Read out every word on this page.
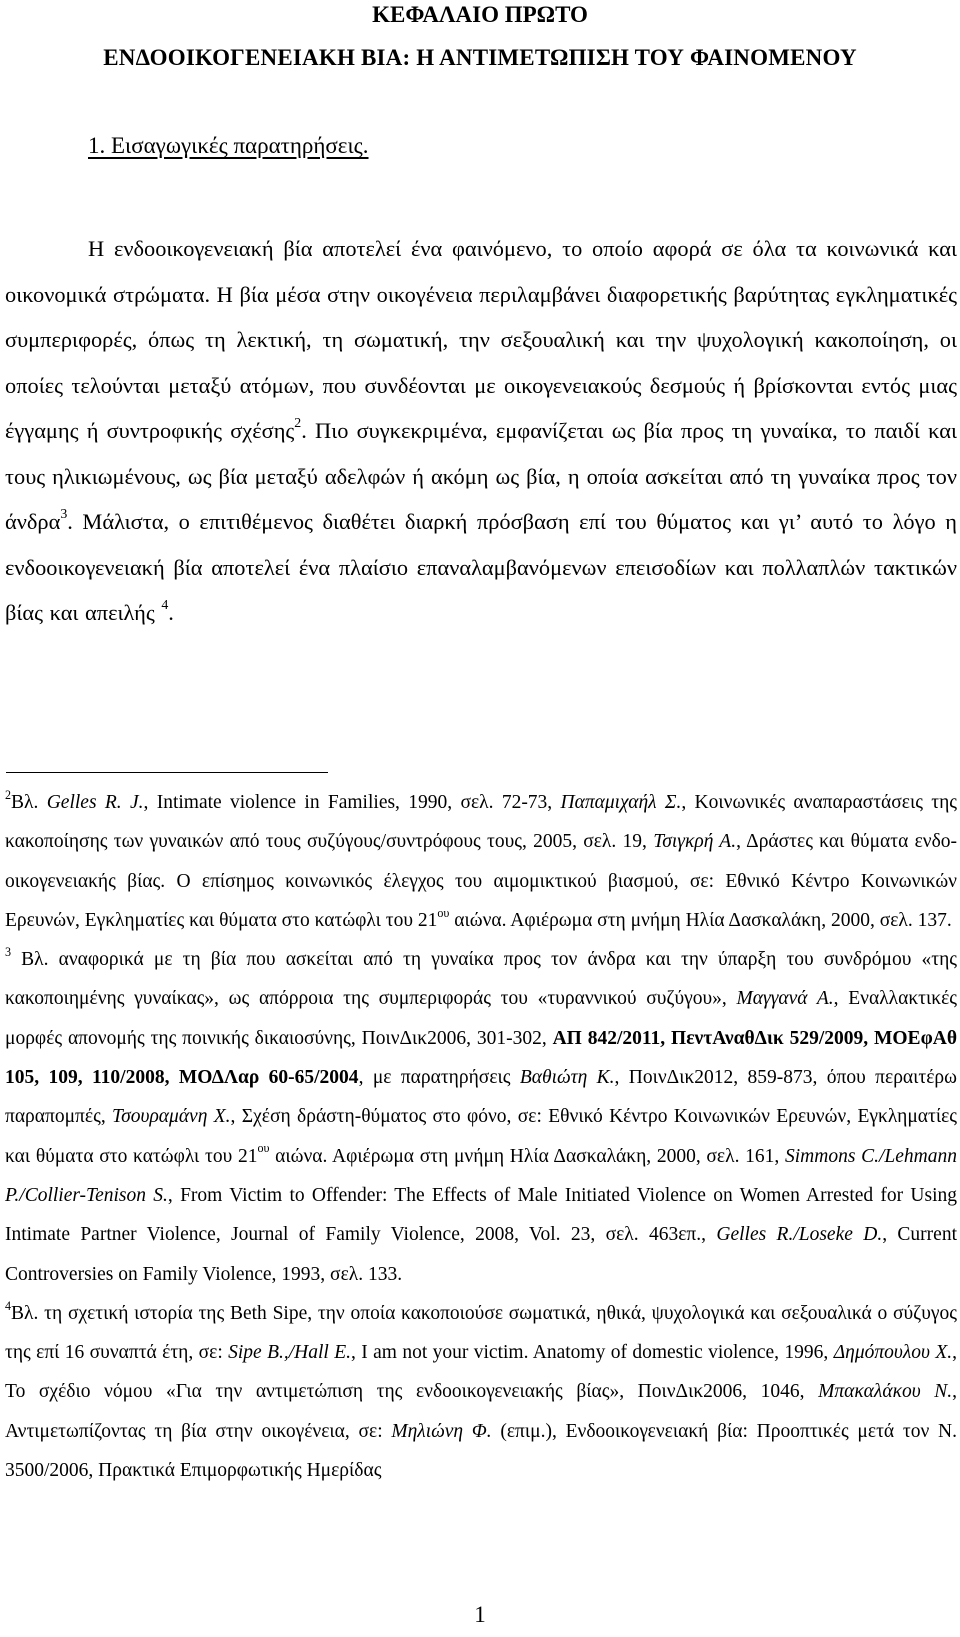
ΚΕΦΑΛΑΙΟ ΠΡΩΤΟ
ΕΝΔΟΟΙΚΟΓΕΝΕΙΑΚΗ ΒΙΑ: Η ΑΝΤΙΜΕΤΩΠΙΣΗ ΤΟΥ ΦΑΙΝΟΜΕΝΟΥ
1. Εισαγωγικές παρατηρήσεις.

Η ενδοοικογενειακή βία αποτελεί ένα φαινόμενο, το οποίο αφορά σε όλα τα κοινωνικά και οικονομικά στρώματα. Η βία μέσα στην οικογένεια περιλαμβάνει διαφορετικής βαρύτητας εγκληματικές συμπεριφορές, όπως τη λεκτική, τη σωματική, την σεξουαλική και την ψυχολογική κακοποίηση, οι οποίες τελούνται μεταξύ ατόμων, που συνδέονται με οικογενειακούς δεσμούς ή βρίσκονται εντός μιας έγγαμης ή συντροφικής σχέσης$^2$. Πιο συγκεκριμένα, εμφανίζεται ως βία προς τη γυναίκα, το παιδί και τους ηλικιωμένους, ως βία μεταξύ αδελφών ή ακόμη ως βία, η οποία ασκείται από τη γυναίκα προς τον άνδρα$^3$. Μάλιστα, ο επιτιθέμενος διαθέτει διαρκή πρόσβαση επί του θύματος και γι’ αυτό το λόγο η ενδοοικογενειακή βία αποτελεί ένα πλαίσιο επαναλαμβανόμενων επεισοδίων και πολλαπλών τακτικών βίας και απειλής $^4$.

$^2$Βλ. Gelles R. J., Intimate violence in Families, 1990, σελ. 72-73, Παπαμιχαήλ Σ., Κοινωνικές αναπαραστάσεις της κακοποίησης των γυναικών από τους συζύγους/συντρόφους τους, 2005, σελ. 19, Τσιγκρή Α., Δράστες και θύματα ενδο-οικογενειακής βίας. Ο επίσημος κοινωνικός έλεγχος του αιμομικτικού βιασμού, σε: Εθνικό Κέντρο Κοινωνικών Ερευνών, Εγκληματίες και θύματα στο κατώφλι του $21^{o\upsilon}$ αιώνα. Αφιέρωμα στη μνήμη Ηλία Δασκαλάκη, 2000, σελ. 137.

$^3$ Βλ. αναφορικά με τη βία που ασκείται από τη γυναίκα προς τον άνδρα και την ύπαρξη του συνδρόμου «της κακοποιημένης γυναίκας», ως απόρροια της συμπεριφοράς του «τυραννικού συζύγου», Μαγγανά Α., Εναλλακτικές μορφές απονομής της ποινικής δικαιοσύνης, ΠοινΔικ2006, 301-302, ΑΠ 842/2011, ΠεντΑναθΔικ 529/2009, ΜΟΕφΑθ 105, 109, 110/2008, ΜΟΔΛαρ 60-65/2004, με παρατηρήσεις Βαθιώτη Κ., ΠοινΔικ2012, 859-873, όπου περαιτέρω παραπομπές, Τσουραμάνη Χ., Σχέση δράστη-θύματος στο φόνο, σε: Εθνικό Κέντρο Κοινωνικών Ερευνών, Εγκληματίες και θύματα στο κατώφλι του $21^{o\upsilon}$ αιώνα. Αφιέρωμα στη μνήμη Ηλία Δασκαλάκη, 2000, σελ. 161, Simmons C./Lehmann P./Collier-Tenison S., From Victim to Offender: The Effects of Male Initiated Violence on Women Arrested for Using Intimate Partner Violence, Journal of Family Violence, 2008, Vol. 23, σελ. 463επ., Gelles R./Loseke D., Current Controversies on Family Violence, 1993, σελ. 133.

$^4$Βλ. τη σχετική ιστορία της Beth Sipe, την οποία κακοποιούσε σωματικά, ηθικά, ψυχολογικά και σεξουαλικά ο σύζυγος της επί 16 συναπτά έτη, σε: Sipe B.,/Hall E., I am not your victim. Anatomy of domestic violence, 1996, Δημόπουλου Χ., Το σχέδιο νόμου «Για την αντιμετώπιση της ενδοοικογενειακής βίας», ΠοινΔικ2006, 1046, Μπακαλάκου Ν., Αντιμετωπίζοντας τη βία στην οικογένεια, σε: Μηλιώνη Φ. (επιμ.), Ενδοοικογενειακή βία: Προοπτικές μετά τον Ν. 3500/2006, Πρακτικά Επιμορφωτικής Ημερίδας

1
